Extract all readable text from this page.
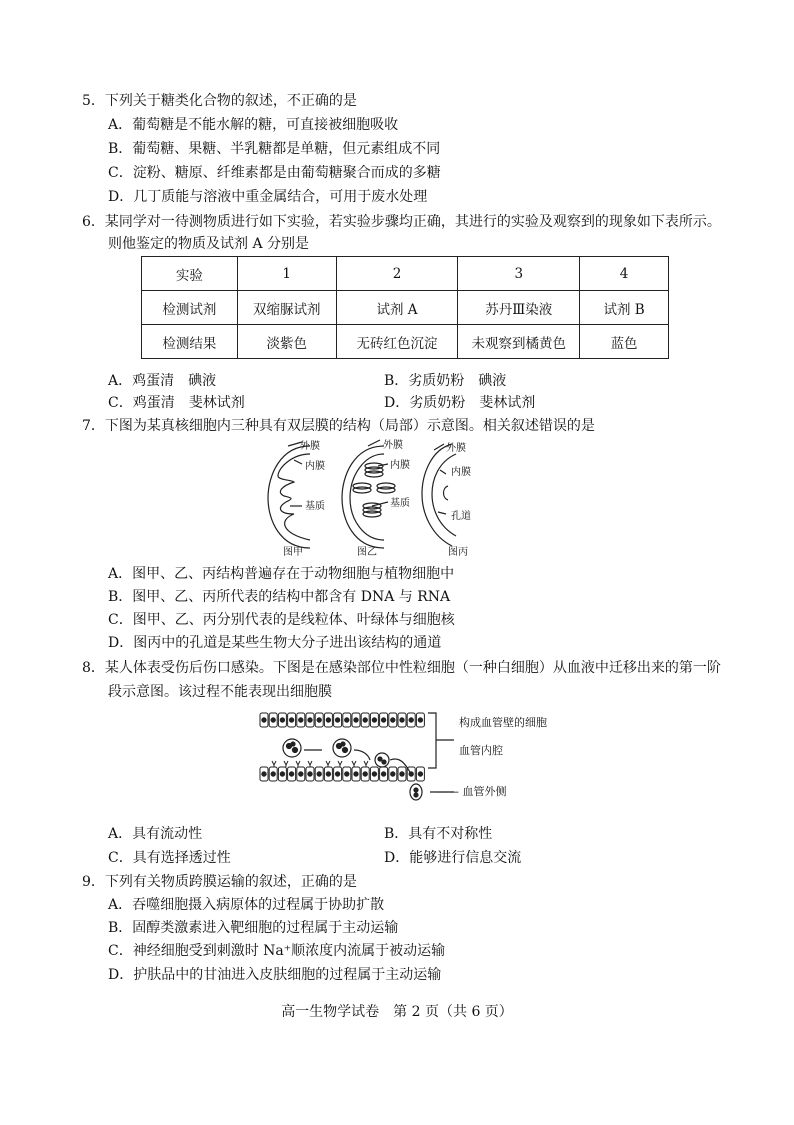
5．下列关于糖类化合物的叙述，不正确的是
A．葡萄糖是不能水解的糖，可直接被细胞吸收
B．葡萄糖、果糖、半乳糖都是单糖，但元素组成不同
C．淀粉、糖原、纤维素都是由葡萄糖聚合而成的多糖
D．几丁质能与溶液中重金属结合，可用于废水处理
6．某同学对一待测物质进行如下实验，若实验步骤均正确，其进行的实验及观察到的现象如下表所示。
则他鉴定的物质及试剂 A 分别是
实验	1	2	3	4
检测试剂	双缩脲试剂	试剂 A	苏丹Ⅲ染液	试剂 B
检测结果	淡紫色	无砖红色沉淀	未观察到橘黄色	蓝色
A．鸡蛋清　碘液	B．劣质奶粉　碘液
C．鸡蛋清　斐林试剂	D．劣质奶粉　斐林试剂
7．下图为某真核细胞内三种具有双层膜的结构（局部）示意图。相关叙述错误的是
外膜
内膜
基质
外膜
内膜
基质
外膜
内膜
孔道
图甲	图乙	图丙
A．图甲、乙、丙结构普遍存在于动物细胞与植物细胞中
B．图甲、乙、丙所代表的结构中都含有 DNA 与 RNA
C．图甲、乙、丙分别代表的是线粒体、叶绿体与细胞核
D．图丙中的孔道是某些生物大分子进出该结构的通道
8．某人体表受伤后伤口感染。下图是在感染部位中性粒细胞（一种白细胞）从血液中迁移出来的第一阶
段示意图。该过程不能表现出细胞膜
构成血管壁的细胞
血管内腔
—— 血管外侧
A．具有流动性	B．具有不对称性
C．具有选择透过性	D．能够进行信息交流
9．下列有关物质跨膜运输的叙述，正确的是
A．吞噬细胞摄入病原体的过程属于协助扩散
B．固醇类激素进入靶细胞的过程属于主动运输
C．神经细胞受到刺激时 Na⁺顺浓度内流属于被动运输
D．护肤品中的甘油进入皮肤细胞的过程属于主动运输
高一生物学试卷　第 2 页（共 6 页）
